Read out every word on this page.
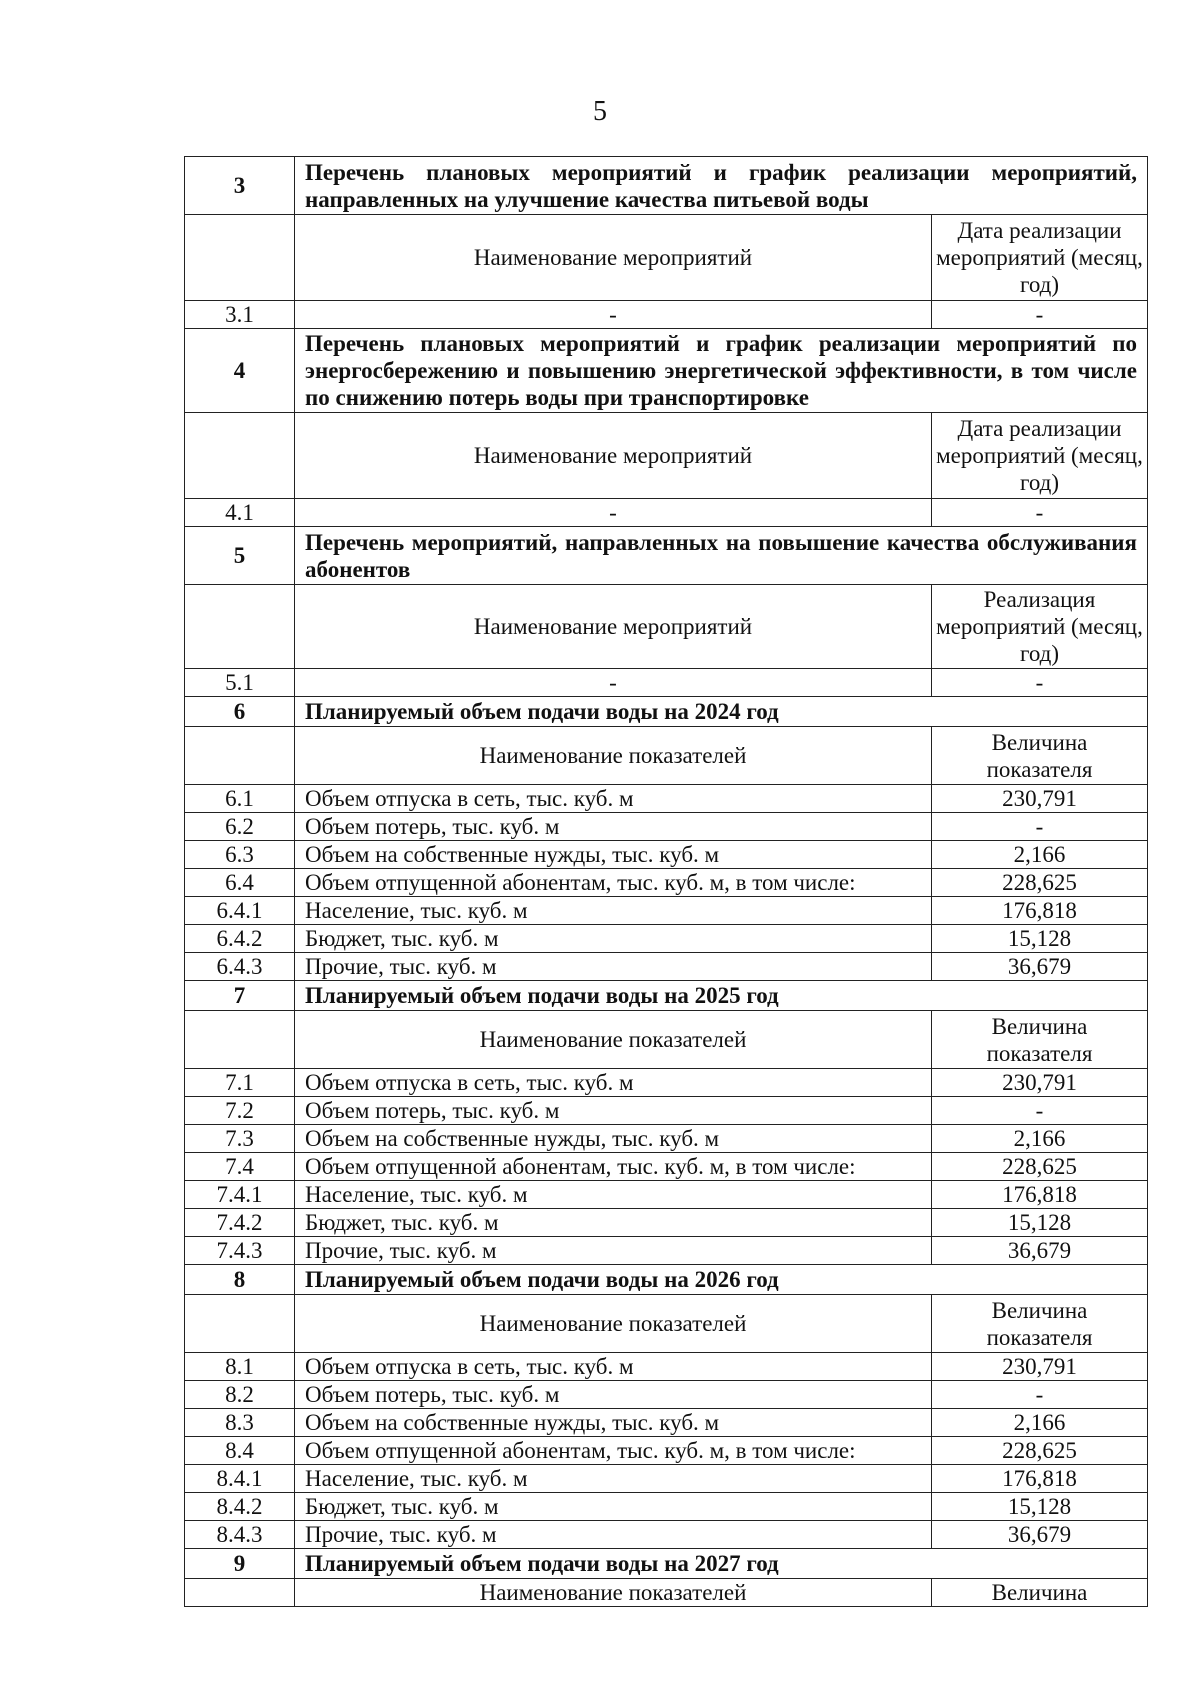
5
3	Перечень плановых мероприятий и график реализации мероприятий, направленных на улучшение качества питьевой воды	

	Наименование мероприятий	Дата реализации мероприятий (месяц, год)
3.1	-	-
4	Перечень плановых мероприятий и график реализации мероприятий по энергосбережению и повышению энергетической эффективности, в том числе по снижению потерь воды при транспортировке	

	Наименование мероприятий	Дата реализации мероприятий (месяц, год)
4.1	-	-
5	Перечень мероприятий, направленных на повышение качества обслуживания абонентов	

	Наименование мероприятий	Реализация мероприятий (месяц, год)
5.1	-	-
6	Планируемый объем подачи воды на 2024 год	
	Наименование показателей	Величина показателя
6.1	Объем отпуска в сеть, тыс. куб. м	230,791
6.2	Объем потерь, тыс. куб. м	-
6.3	Объем на собственные нужды, тыс. куб. м	2,166
6.4	Объем отпущенной абонентам, тыс. куб. м, в том числе:	228,625
6.4.1	Население, тыс. куб. м	176,818
6.4.2	Бюджет, тыс. куб. м	15,128
6.4.3	Прочие, тыс. куб. м	36,679
7	Планируемый объем подачи воды на 2025 год	
	Наименование показателей	Величина показателя
7.1	Объем отпуска в сеть, тыс. куб. м	230,791
7.2	Объем потерь, тыс. куб. м	-
7.3	Объем на собственные нужды, тыс. куб. м	2,166
7.4	Объем отпущенной абонентам, тыс. куб. м, в том числе:	228,625
7.4.1	Население, тыс. куб. м	176,818
7.4.2	Бюджет, тыс. куб. м	15,128
7.4.3	Прочие, тыс. куб. м	36,679
8	Планируемый объем подачи воды на 2026 год	
	Наименование показателей	Величина показателя
8.1	Объем отпуска в сеть, тыс. куб. м	230,791
8.2	Объем потерь, тыс. куб. м	-
8.3	Объем на собственные нужды, тыс. куб. м	2,166
8.4	Объем отпущенной абонентам, тыс. куб. м, в том числе:	228,625
8.4.1	Население, тыс. куб. м	176,818
8.4.2	Бюджет, тыс. куб. м	15,128
8.4.3	Прочие, тыс. куб. м	36,679
9	Планируемый объем подачи воды на 2027 год	
	Наименование показателей	Величина
